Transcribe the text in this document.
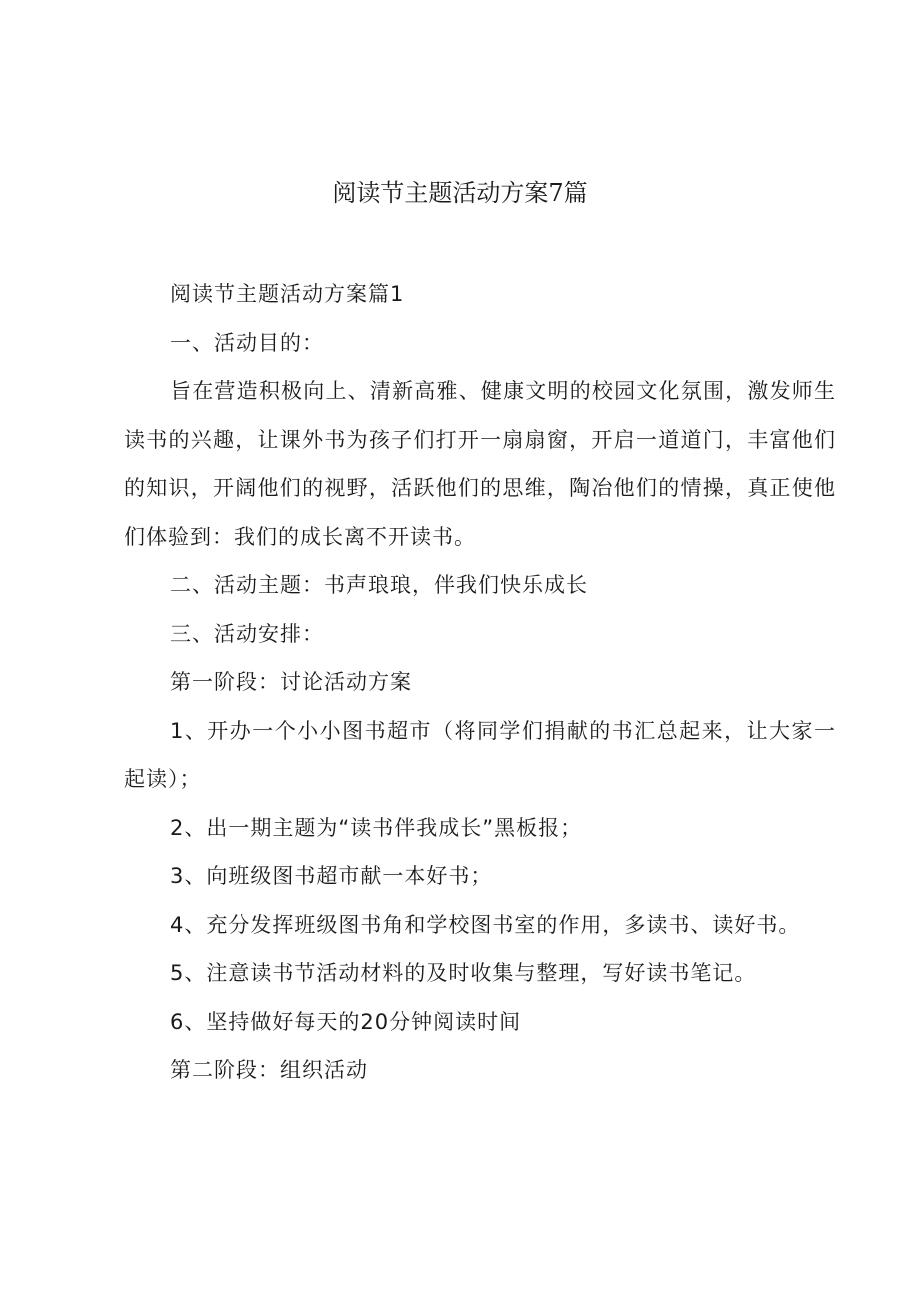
阅读节主题活动方案7篇

阅读节主题活动方案篇1

一、活动目的：

旨在营造积极向上、清新高雅、健康文明的校园文化氛围，激发师生读书的兴趣，让课外书为孩子们打开一扇扇窗，开启一道道门，丰富他们的知识，开阔他们的视野，活跃他们的思维，陶冶他们的情操，真正使他们体验到：我们的成长离不开读书。

二、活动主题：书声琅琅，伴我们快乐成长

三、活动安排：

第一阶段：讨论活动方案

1、开办一个小小图书超市（将同学们捐献的书汇总起来，让大家一起读）；

2、出一期主题为“读书伴我成长”黑板报；

3、向班级图书超市献一本好书；

4、充分发挥班级图书角和学校图书室的作用，多读书、读好书。

5、注意读书节活动材料的及时收集与整理，写好读书笔记。

6、坚持做好每天的20分钟阅读时间

第二阶段：组织活动
